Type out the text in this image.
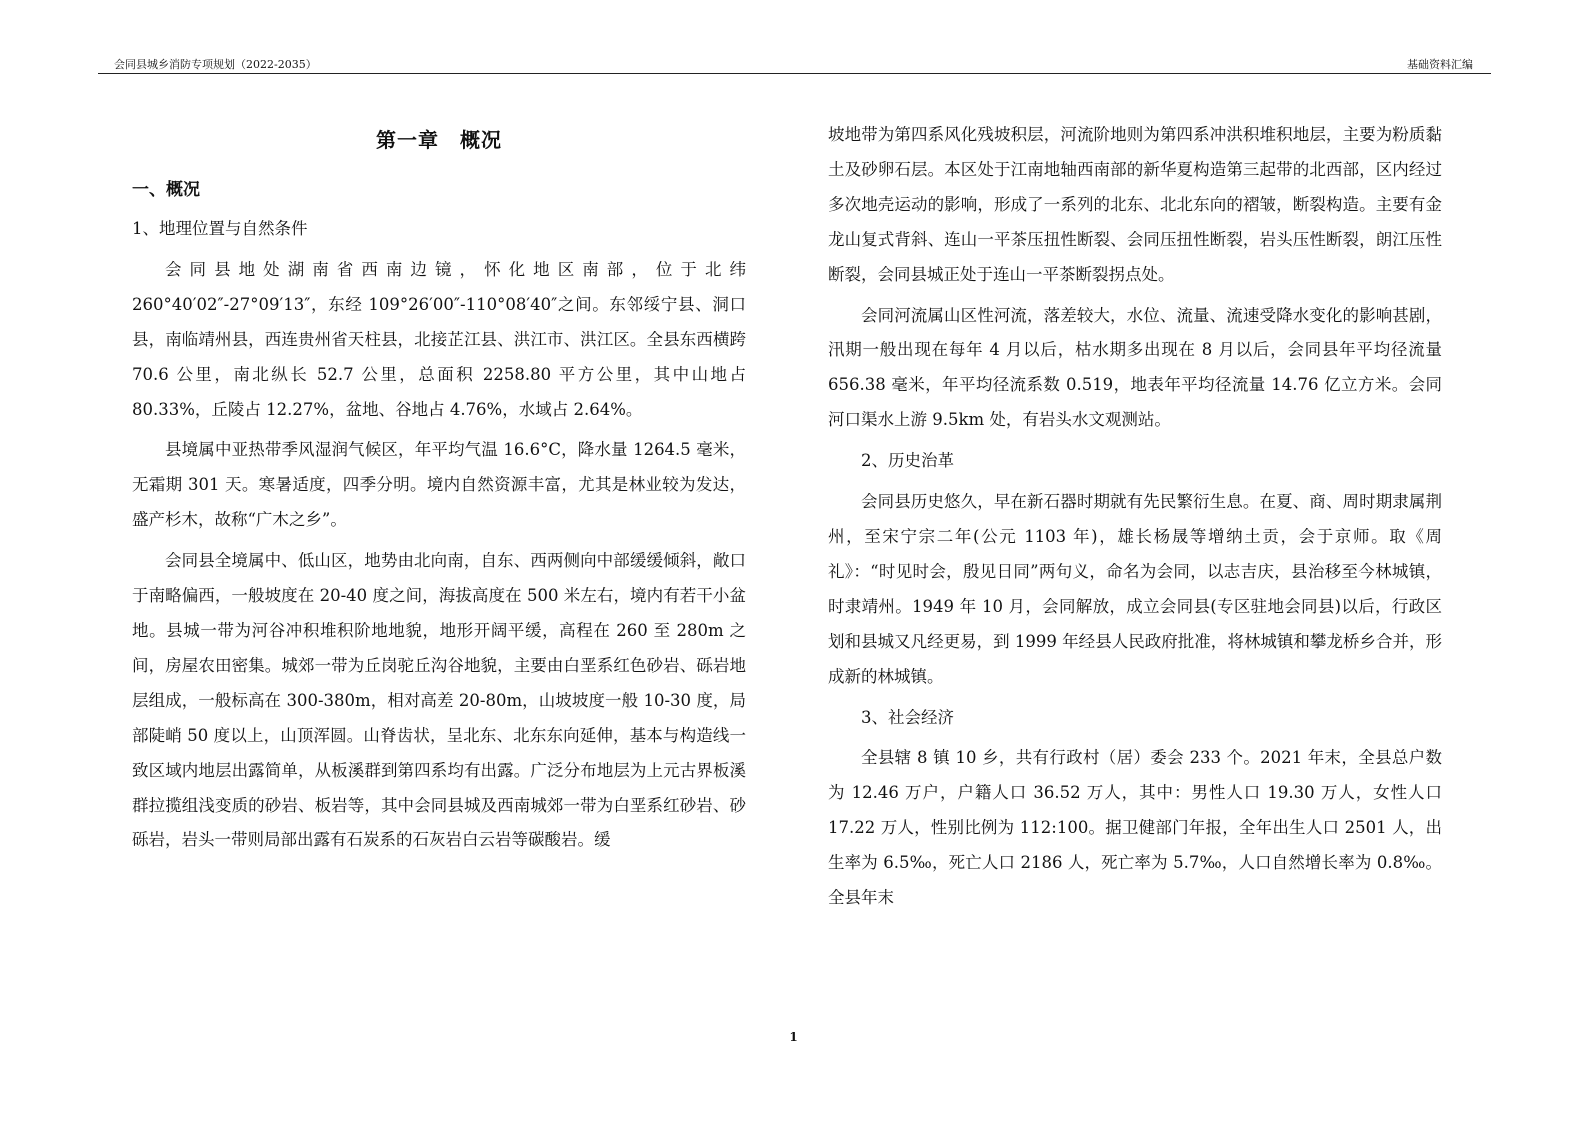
会同县城乡消防专项规划（2022-2035）	基础资料汇编
第一章　概况
一、概况

1、地理位置与自然条件

会同县地处湖南省西南边镜，怀化地区南部，位于北纬 260°40′02″-27°09′13″，东经 109°26′00″-110°08′40″之间。东邻绥宁县、洞口县，南临靖州县，西连贵州省天柱县，北接芷江县、洪江市、洪江区。全县东西横跨 70.6 公里，南北纵长 52.7 公里，总面积 2258.80 平方公里，其中山地占 80.33%，丘陵占 12.27%，盆地、谷地占 4.76%，水域占 2.64%。

县境属中亚热带季风湿润气候区，年平均气温 16.6°C，降水量 1264.5 毫米，无霜期 301 天。寒暑适度，四季分明。境内自然资源丰富，尤其是林业较为发达，盛产杉木，故称“广木之乡”。

会同县全境属中、低山区，地势由北向南，自东、西两侧向中部缓缓倾斜，敞口于南略偏西，一般坡度在 20-40 度之间，海拔高度在 500 米左右，境内有若干小盆地。县城一带为河谷冲积堆积阶地地貌，地形开阔平缓，高程在 260 至 280m 之间，房屋农田密集。城郊一带为丘岗驼丘沟谷地貌，主要由白垩系红色砂岩、砾岩地层组成，一般标高在 300-380m，相对高差 20-80m，山坡坡度一般 10-30 度，局部陡峭 50 度以上，山顶浑圆。山脊齿状，呈北东、北东东向延伸，基本与构造线一致区域内地层出露简单，从板溪群到第四系均有出露。广泛分布地层为上元古界板溪群拉揽组浅变质的砂岩、板岩等，其中会同县城及西南城郊一带为白垩系红砂岩、砂砾岩，岩头一带则局部出露有石炭系的石灰岩白云岩等碳酸岩。缓

坡地带为第四系风化残坡积层，河流阶地则为第四系冲洪积堆积地层，主要为粉质黏土及砂卵石层。本区处于江南地轴西南部的新华夏构造第三起带的北西部，区内经过多次地壳运动的影响，形成了一系列的北东、北北东向的褶皱，断裂构造。主要有金龙山复式背斜、连山一平茶压扭性断裂、会同压扭性断裂，岩头压性断裂，朗江压性断裂，会同县城正处于连山一平茶断裂拐点处。

会同河流属山区性河流，落差较大，水位、流量、流速受降水变化的影响甚剧，汛期一般出现在每年 4 月以后，枯水期多出现在 8 月以后，会同县年平均径流量 656.38 毫米，年平均径流系数 0.519，地表年平均径流量 14.76 亿立方米。会同河口渠水上游 9.5km 处，有岩头水文观测站。

2、历史治革

会同县历史悠久，早在新石器时期就有先民繁衍生息。在夏、商、周时期隶属荆州，至宋宁宗二年(公元 1103 年)，雄长杨晟等增纳土贡，会于京师。取《周礼》：“时见时会，殷见日同”两句义，命名为会同，以志吉庆，县治移至今林城镇，时隶靖州。1949 年 10 月，会同解放，成立会同县(专区驻地会同县)以后，行政区划和县城又凡经更易，到 1999 年经县人民政府批准，将林城镇和攀龙桥乡合并，形成新的林城镇。

3、社会经济

全县辖 8 镇 10 乡，共有行政村（居）委会 233 个。2021 年末，全县总户数为 12.46 万户，户籍人口 36.52 万人，其中：男性人口 19.30 万人，女性人口 17.22 万人，性别比例为 112:100。据卫健部门年报，全年出生人口 2501 人，出生率为 6.5‰，死亡人口 2186 人，死亡率为 5.7‰，人口自然增长率为 0.8‰。全县年末

1
